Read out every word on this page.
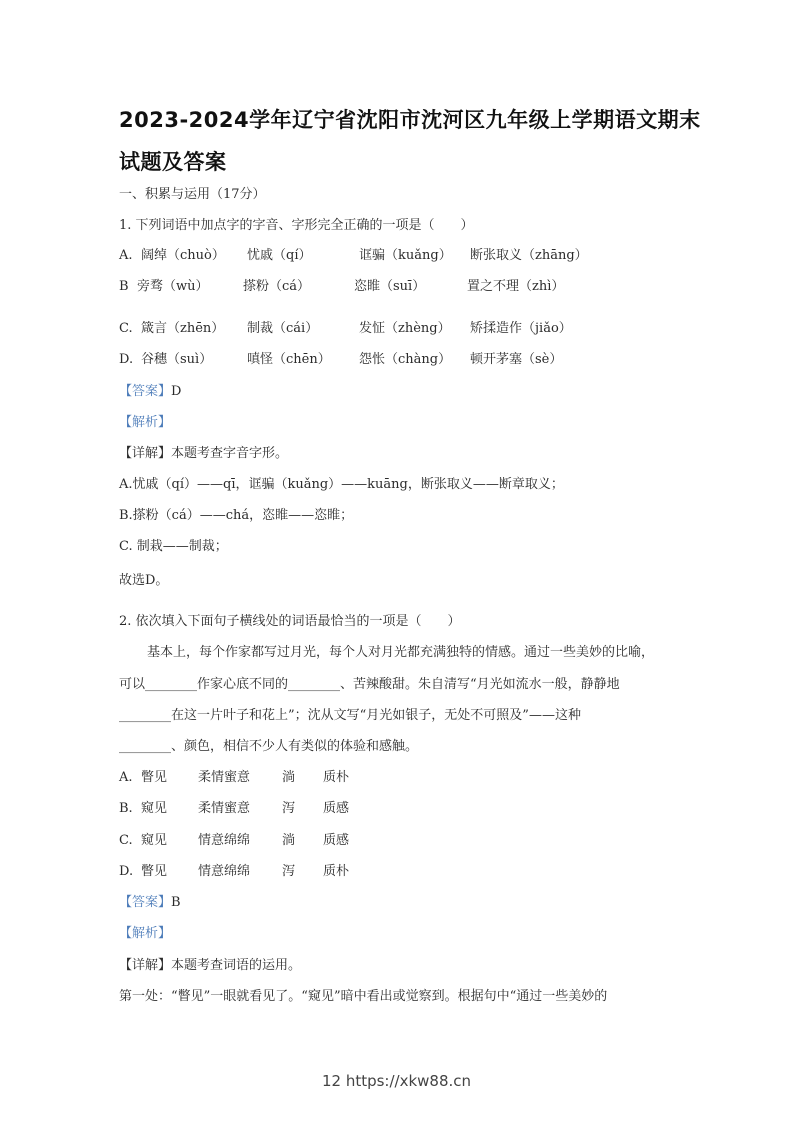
2023-2024学年辽宁省沈阳市沈河区九年级上学期语文期末
试题及答案
一、积累与运用（17分）
1. 下列词语中加点字的字音、字形完全正确的一项是（　　）
A. 阔绰（chuò） 忧戚（qí）	诓骗（kuǎng） 断张取义（zhāng）
B 旁骛（wù）	搽粉（cá）	恣睢（suī）	置之不理（zhì）
C. 箴言（zhēn） 制裁（cái）	发怔（zhèng） 矫揉造作（jiǎo）
D. 谷穗（suì）	嗔怪（chēn） 怨怅（chàng） 顿开茅塞（sè）
【答案】D
【解析】
【详解】本题考查字音字形。
A.忧戚（qí）——qī，诓骗（kuǎng）——kuāng，断张取义——断章取义；
B.搽粉（cá）——chá，恣睢——恣睢；
C. 制栽——制裁；
故选D。
2. 依次填入下面句子横线处的词语最恰当的一项是（　　）
基本上，每个作家都写过月光，每个人对月光都充满独特的情感。通过一些美妙的比喻，
可以________作家心底不同的________、苦辣酸甜。朱自清写“月光如流水一般，静静地
________在这一片叶子和花上”；沈从文写“月光如银子，无处不可照及”——这种
________、颜色，相信不少人有类似的体验和感触。
A. 瞥见 柔情蜜意 淌 质朴
B. 窥见 柔情蜜意 泻 质感
C. 窥见 情意绵绵 淌 质感
D. 瞥见 情意绵绵 泻 质朴
【答案】B
【解析】
【详解】本题考查词语的运用。
第一处：“瞥见”一眼就看见了。“窥见”暗中看出或觉察到。根据句中“通过一些美妙的
12 https://xkw88.cn
